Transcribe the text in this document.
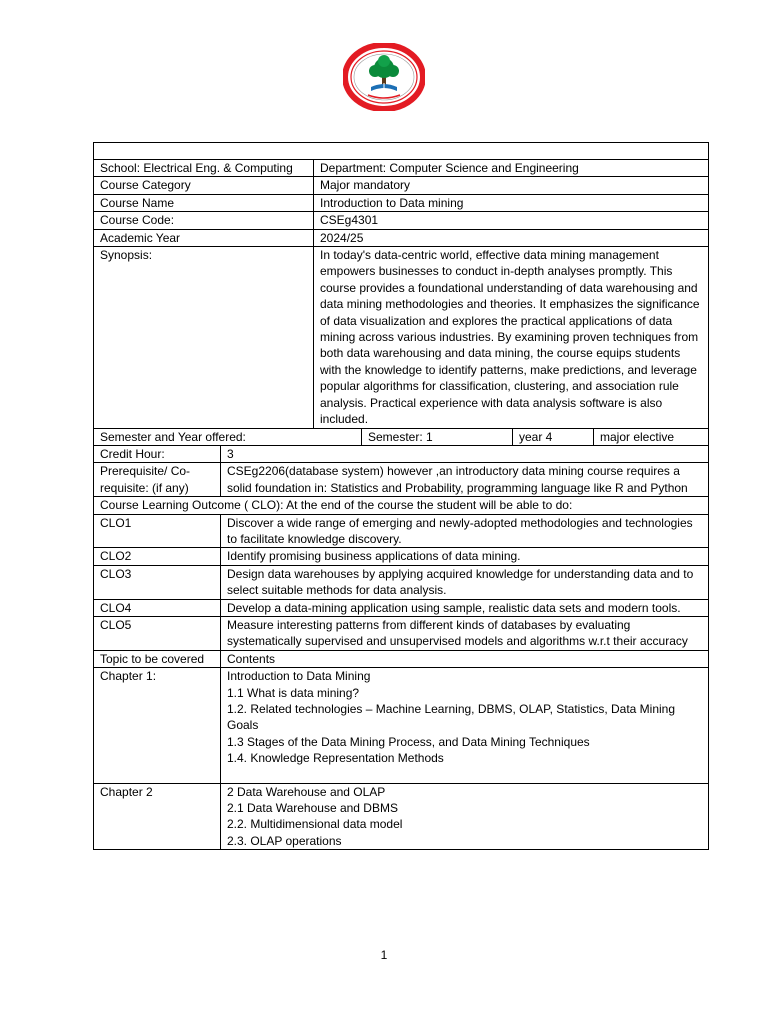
School: Electrical Eng. & Computing		Department: Computer Science and Engineering			
Course Category		Major mandatory			
Course Name		Introduction to Data mining			
Course Code:		CSEg4301			
Academic Year		2024/25			
Synopsis:		In today's data-centric world, effective data mining management empowers businesses to conduct in-depth analyses promptly. This course provides a foundational understanding of data warehousing and data mining methodologies and theories. It emphasizes the significance of data visualization and explores the practical applications of data mining across various industries. By examining proven techniques from both data warehousing and data mining, the course equips students with the knowledge to identify patterns, make predictions, and leverage popular algorithms for classification, clustering, and association rule analysis. Practical experience with data analysis software is also included.			
Semester and Year offered:			Semester: 1	year 4	major elective
Credit Hour:	3				
Prerequisite/ Co-requisite: (if any)	CSEg2206(database system) however ,an introductory data mining course requires a solid foundation in: Statistics and Probability, programming language like R and Python				
Course Learning Outcome ( CLO): At the end of the course the student will be able to do:					
CLO1	Discover a wide range of emerging and newly-adopted methodologies and technologies to facilitate knowledge discovery.				
CLO2	Identify promising business applications of data mining.				
CLO3	Design data warehouses by applying acquired knowledge for understanding data and to select suitable methods for data analysis.				
CLO4	Develop a data-mining application using sample, realistic data sets and modern tools.				
CLO5	Measure interesting patterns from different kinds of databases by evaluating systematically supervised and unsupervised models and algorithms w.r.t their accuracy				
Topic to be covered	Contents				
Chapter 1:	Introduction to Data Mining
1.1 What is data mining?
1.2. Related technologies – Machine Learning, DBMS, OLAP, Statistics, Data Mining Goals
1.3 Stages of the Data Mining Process, and Data Mining Techniques
1.4. Knowledge Representation Methods				

Chapter 2	2 Data Warehouse and OLAP
2.1 Data Warehouse and DBMS
2.2. Multidimensional data model
2.3. OLAP operations				
1
